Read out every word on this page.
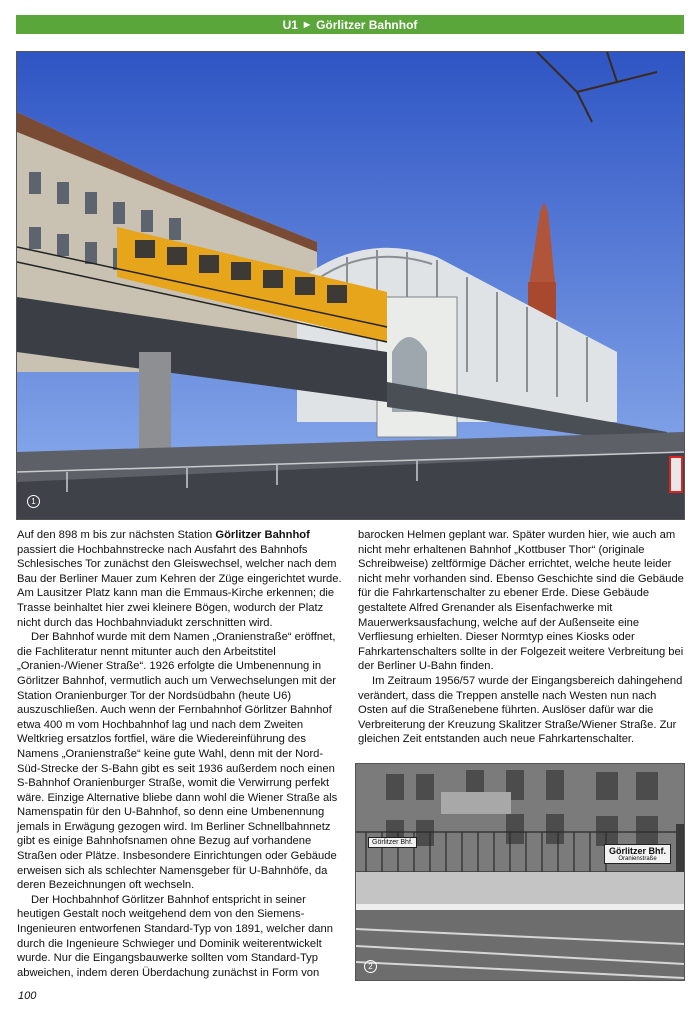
U1 ▶ Görlitzer Bahnhof
1

Auf den 898 m bis zur nächsten Station Görlitzer Bahnhof passiert die Hochbahnstrecke nach Ausfahrt des Bahnhofs Schlesisches Tor zunächst den Gleiswechsel, welcher nach dem Bau der Berliner Mauer zum Kehren der Züge eingerichtet wurde. Am Lausitzer Platz kann man die Emmaus-Kirche erkennen; die Trasse beinhaltet hier zwei kleinere Bögen, wodurch der Platz nicht durch das Hochbahnviadukt zerschnitten wird.

Der Bahnhof wurde mit dem Namen „Oranienstraße“ eröffnet, die Fachliteratur nennt mitunter auch den Arbeitstitel „Oranien-/Wiener Straße“. 1926 erfolgte die Umbenennung in Görlitzer Bahnhof, vermutlich auch um Verwechselungen mit der Station Oranienburger Tor der Nordsüdbahn (heute U6) auszuschließen. Auch wenn der Fernbahnhof Görlitzer Bahnhof etwa 400 m vom Hochbahnhof lag und nach dem Zweiten Weltkrieg ersatzlos fortfiel, wäre die Wiedereinführung des Namens „Oranienstraße“ keine gute Wahl, denn mit der Nord-Süd-Strecke der S-Bahn gibt es seit 1936 außerdem noch einen S-Bahnhof Oranienburger Straße, womit die Verwirrung perfekt wäre. Einzige Alternative bliebe dann wohl die Wiener Straße als Namenspatin für den U-Bahnhof, so denn eine Umbenennung jemals in Erwägung gezogen wird. Im Berliner Schnellbahnnetz gibt es einige Bahnhofsnamen ohne Bezug auf vorhandene Straßen oder Plätze. Insbesondere Einrichtungen oder Gebäude erweisen sich als schlechter Namensgeber für U-Bahnhöfe, da deren Bezeichnungen oft wechseln.

Der Hochbahnhof Görlitzer Bahnhof entspricht in seiner heutigen Gestalt noch weitgehend dem von den Siemens-Ingenieuren entworfenen Standard-Typ von 1891, welcher dann durch die Ingenieure Schwieger und Dominik weiterentwickelt wurde. Nur die Eingangsbauwerke sollten vom Standard-Typ abweichen, indem deren Überdachung zunächst in Form von

barocken Helmen geplant war. Später wurden hier, wie auch am nicht mehr erhaltenen Bahnhof „Kottbuser Thor“ (originale Schreibweise) zeltförmige Dächer errichtet, welche heute leider nicht mehr vorhanden sind. Ebenso Geschichte sind die Gebäude für die Fahrkartenschalter zu ebener Erde. Diese Gebäude gestaltete Alfred Grenander als Eisenfachwerke mit Mauerwerksausfachung, welche auf der Außenseite eine Verfliesung erhielten. Dieser Normtyp eines Kiosks oder Fahrkartenschalters sollte in der Folgezeit weitere Verbreitung bei der Berliner U-Bahn finden.

Im Zeitraum 1956/57 wurde der Eingangsbereich dahingehend verändert, dass die Treppen anstelle nach Westen nun nach Osten auf die Straßenebene führten. Auslöser dafür war die Verbreiterung der Kreuzung Skalitzer Straße/Wiener Straße. Zur gleichen Zeit entstanden auch neue Fahrkartenschalter.

Görlitzer Bhf.
Görlitzer Bhf.
Oranienstraße
2
100
